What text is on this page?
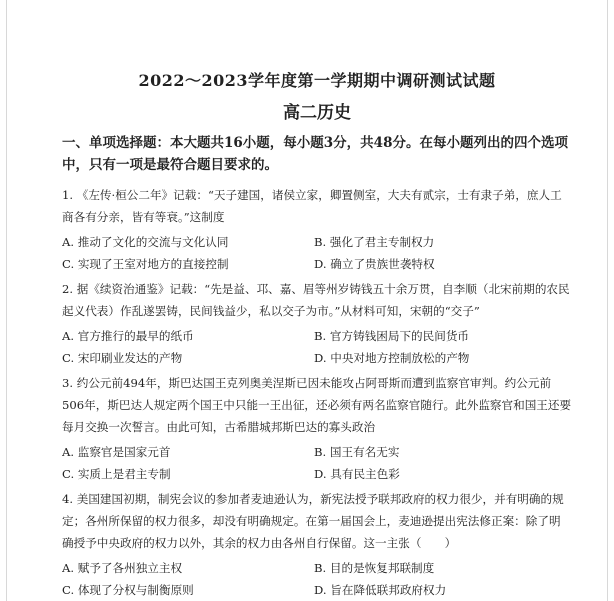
2022～2023学年度第一学期期中调研测试试题
高二历史
一、单项选择题：本大题共16小题，每小题3分，共48分。在每小题列出的四个选项中，只有一项是最符合题目要求的。
1. 《左传·桓公二年》记载：“天子建国，诸侯立家，卿置侧室，大夫有贰宗，士有隶子弟，庶人工商各有分亲，皆有等衰。”这制度
A. 推动了文化的交流与文化认同	B. 强化了君主专制权力
C. 实现了王室对地方的直接控制	D. 确立了贵族世袭特权
2. 据《续资治通鉴》记载：“先是益、邛、嘉、眉等州岁铸钱五十余万贯，自李顺（北宋前期的农民起义代表）作乱遂罢铸，民间钱益少，私以交子为市。”从材料可知，宋朝的“交子”
A. 官方推行的最早的纸币	B. 官方铸钱困局下的民间货币
C. 宋印刷业发达的产物	D. 中央对地方控制放松的产物
3. 约公元前494年，斯巴达国王克列奥美涅斯已因未能攻占阿哥斯而遭到监察官审判。约公元前506年，斯巴达人规定两个国王中只能一王出征，还必须有两名监察官随行。此外监察官和国王还要每月交换一次誓言。由此可知，古希腊城邦斯巴达的寡头政治
A. 监察官是国家元首	B. 国王有名无实
C. 实质上是君主专制	D. 具有民主色彩
4. 美国建国初期，制宪会议的参加者麦迪逊认为，新宪法授予联邦政府的权力很少，并有明确的规定；各州所保留的权力很多，却没有明确规定。在第一届国会上，麦迪逊提出宪法修正案：除了明确授予中央政府的权力以外，其余的权力由各州自行保留。这一主张（　　）
A. 赋予了各州独立主权	B. 目的是恢复邦联制度
C. 体现了分权与制衡原则	D. 旨在降低联邦政府权力
